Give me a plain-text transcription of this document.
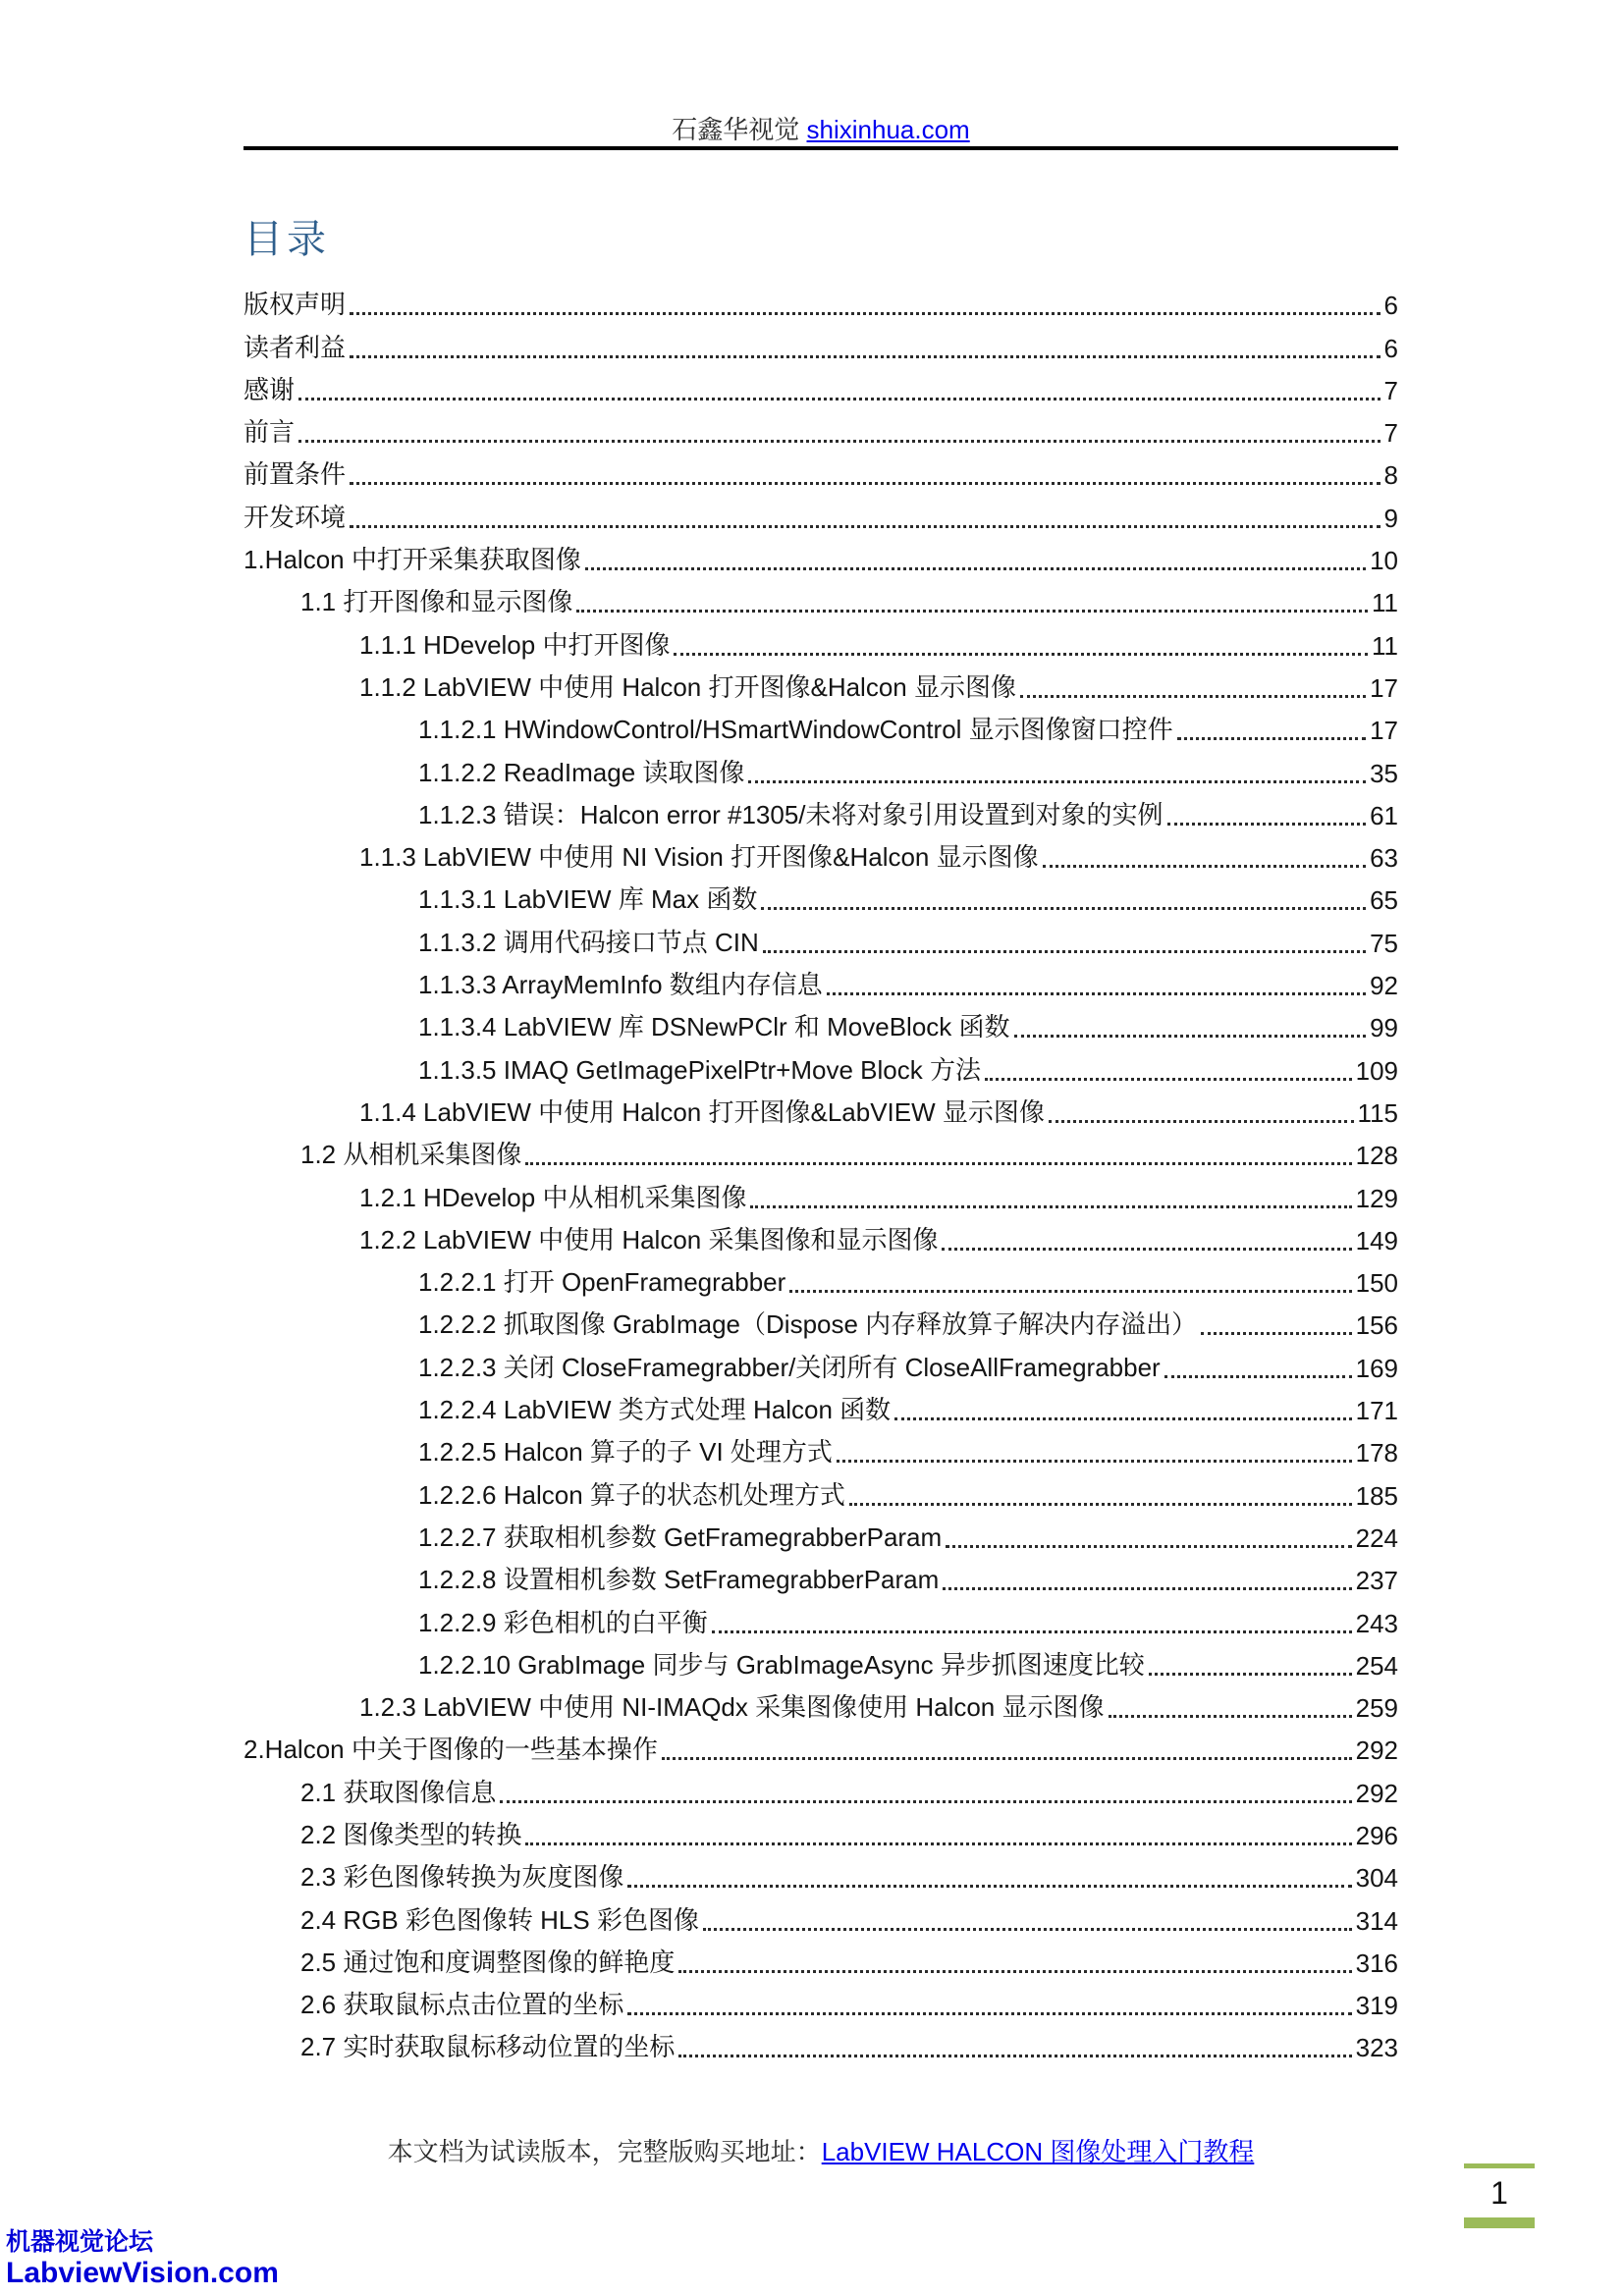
石鑫华视觉 shixinhua.com
目录
版权声明	6
读者利益	6
感谢	7
前言	7
前置条件	8
开发环境	9
1.Halcon 中打开采集获取图像	10
1.1 打开图像和显示图像	11
1.1.1 HDevelop 中打开图像	11
1.1.2 LabVIEW 中使用 Halcon 打开图像&Halcon 显示图像	17
1.1.2.1 HWindowControl/HSmartWindowControl 显示图像窗口控件	17
1.1.2.2 ReadImage 读取图像	35
1.1.2.3 错误：Halcon error #1305/未将对象引用设置到对象的实例	61
1.1.3 LabVIEW 中使用 NI Vision 打开图像&Halcon 显示图像	63
1.1.3.1 LabVIEW 库 Max 函数	65
1.1.3.2 调用代码接口节点 CIN	75
1.1.3.3 ArrayMemInfo 数组内存信息	92
1.1.3.4 LabVIEW 库 DSNewPClr 和 MoveBlock 函数	99
1.1.3.5 IMAQ GetImagePixelPtr+Move Block 方法	109
1.1.4 LabVIEW 中使用 Halcon 打开图像&LabVIEW 显示图像	115
1.2 从相机采集图像	128
1.2.1 HDevelop 中从相机采集图像	129
1.2.2 LabVIEW 中使用 Halcon 采集图像和显示图像	149
1.2.2.1 打开 OpenFramegrabber	150
1.2.2.2 抓取图像 GrabImage（Dispose 内存释放算子解决内存溢出）	156
1.2.2.3 关闭 CloseFramegrabber/关闭所有 CloseAllFramegrabber	169
1.2.2.4 LabVIEW 类方式处理 Halcon 函数	171
1.2.2.5 Halcon 算子的子 VI 处理方式	178
1.2.2.6 Halcon 算子的状态机处理方式	185
1.2.2.7 获取相机参数 GetFramegrabberParam	224
1.2.2.8 设置相机参数 SetFramegrabberParam	237
1.2.2.9 彩色相机的白平衡	243
1.2.2.10 GrabImage 同步与 GrabImageAsync 异步抓图速度比较	254
1.2.3 LabVIEW 中使用 NI-IMAQdx 采集图像使用 Halcon 显示图像	259
2.Halcon 中关于图像的一些基本操作	292
2.1 获取图像信息	292
2.2 图像类型的转换	296
2.3 彩色图像转换为灰度图像	304
2.4 RGB 彩色图像转 HLS 彩色图像	314
2.5 通过饱和度调整图像的鲜艳度	316
2.6 获取鼠标点击位置的坐标	319
2.7 实时获取鼠标移动位置的坐标	323
本文档为试读版本，完整版购买地址：LabVIEW HALCON 图像处理入门教程
1
机器视觉论坛
LabviewVision.com
